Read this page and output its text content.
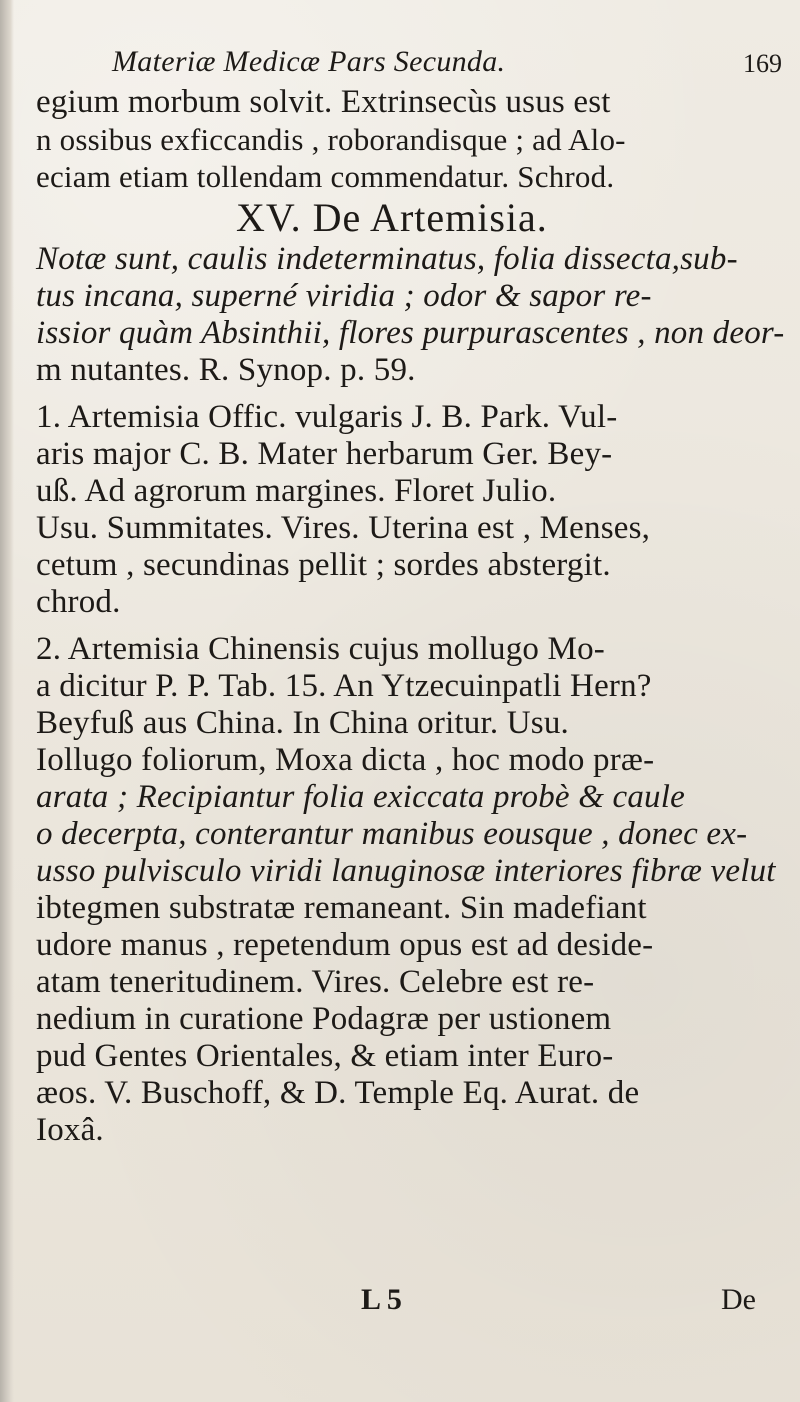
Materiæ Medicæ Pars Secunda.	169
egium morbum solvit. Extrinsecùs usus est
n ossibus exficcandis , roborandisque ; ad Alo-
eciam etiam tollendam commendatur. Schrod.
XV. De Artemisia.
Notæ sunt, caulis indeterminatus, folia dissecta,sub-
tus incana, superné viridia ; odor & sapor re-
issior quàm Absinthii, flores purpurascentes , non deor-
m nutantes. R. Synop. p. 59.
1. Artemisia Offic. vulgaris J. B. Park. Vul-
aris major C. B. Mater herbarum Ger. Bey-
uß. Ad agrorum margines. Floret Julio.
Usu. Summitates. Vires. Uterina est , Menses,
cetum , secundinas pellit ; sordes abstergit.
chrod.
2. Artemisia Chinensis cujus mollugo Mo-
a dicitur P. P. Tab. 15. An Ytzecuinpatli Hern?
Beyfuß aus China. In China oritur. Usu.
Iollugo foliorum, Moxa dicta , hoc modo præ-
arata ; Recipiantur folia exiccata probè & caule
o decerpta, conterantur manibus eousque , donec ex-
usso pulvisculo viridi lanuginosæ interiores fibræ velut
ibtegmen substratæ remaneant. Sin madefiant
udore manus , repetendum opus est ad deside-
atam teneritudinem. Vires. Celebre est re-
nedium in curatione Podagræ per ustionem
pud Gentes Orientales, & etiam inter Euro-
æos. V. Buschoff, & D. Temple Eq. Aurat. de
Ioxâ.
L 5	De
